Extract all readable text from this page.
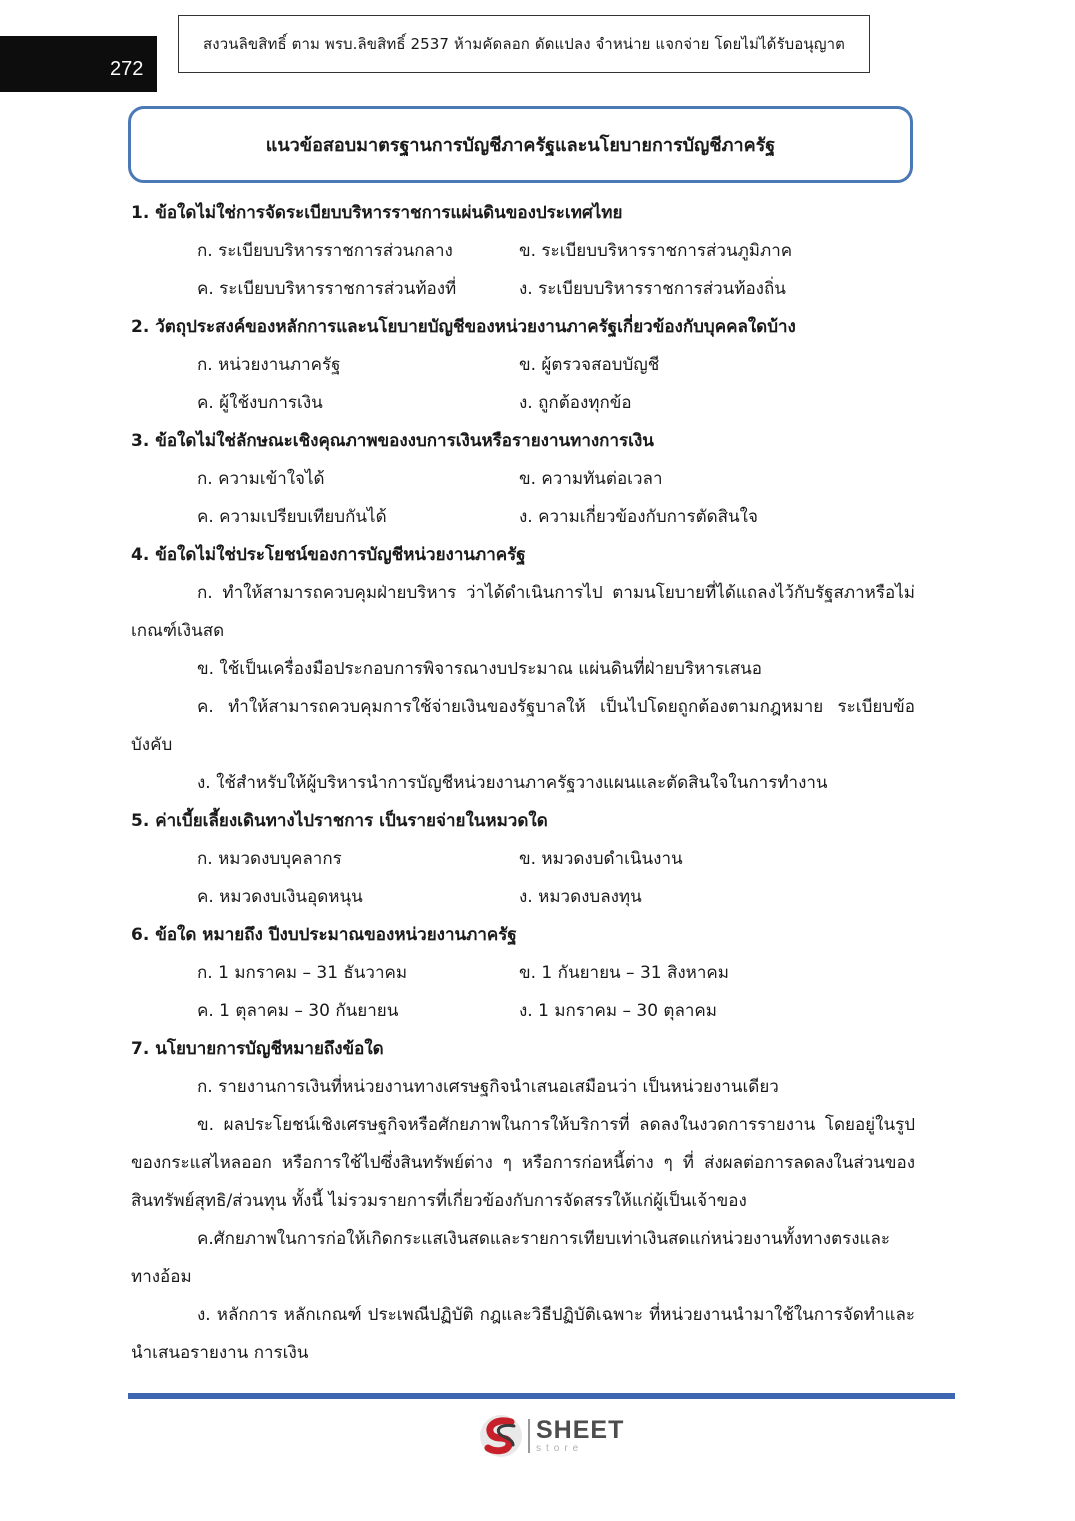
272
สงวนลิขสิทธิ์ ตาม พรบ.ลิขสิทธิ์ 2537 ห้ามคัดลอก ดัดแปลง จำหน่าย แจกจ่าย โดยไม่ได้รับอนุญาต
แนวข้อสอบมาตรฐานการบัญชีภาครัฐและนโยบายการบัญชีภาครัฐ
1. ข้อใดไม่ใช่การจัดระเบียบบริหารราชการแผ่นดินของประเทศไทย
ก. ระเบียบบริหารราชการส่วนกลาง	ข. ระเบียบบริหารราชการส่วนภูมิภาค
ค. ระเบียบบริหารราชการส่วนท้องที่	ง. ระเบียบบริหารราชการส่วนท้องถิ่น
2. วัตถุประสงค์ของหลักการและนโยบายบัญชีของหน่วยงานภาครัฐเกี่ยวข้องกับบุคคลใดบ้าง
ก. หน่วยงานภาครัฐ	ข. ผู้ตรวจสอบบัญชี
ค. ผู้ใช้งบการเงิน	ง. ถูกต้องทุกข้อ
3. ข้อใดไม่ใช่ลักษณะเชิงคุณภาพของงบการเงินหรือรายงานทางการเงิน
ก. ความเข้าใจได้	ข. ความทันต่อเวลา
ค. ความเปรียบเทียบกันได้	ง. ความเกี่ยวข้องกับการตัดสินใจ
4. ข้อใดไม่ใช่ประโยชน์ของการบัญชีหน่วยงานภาครัฐ
ก. ทำให้สามารถควบคุมฝ่ายบริหาร ว่าได้ดำเนินการไป ตามนโยบายที่ได้แถลงไว้กับรัฐสภาหรือไม่ เกณฑ์เงินสด
ข. ใช้เป็นเครื่องมือประกอบการพิจารณางบประมาณ แผ่นดินที่ฝ่ายบริหารเสนอ
ค. ทำให้สามารถควบคุมการใช้จ่ายเงินของรัฐบาลให้ เป็นไปโดยถูกต้องตามกฎหมาย ระเบียบข้อบังคับ
ง. ใช้สำหรับให้ผู้บริหารนำการบัญชีหน่วยงานภาครัฐวางแผนและตัดสินใจในการทำงาน
5. ค่าเบี้ยเลี้ยงเดินทางไปราชการ เป็นรายจ่ายในหมวดใด
ก. หมวดงบบุคลากร	ข. หมวดงบดำเนินงาน
ค. หมวดงบเงินอุดหนุน	ง. หมวดงบลงทุน
6. ข้อใด หมายถึง ปีงบประมาณของหน่วยงานภาครัฐ
ก. 1 มกราคม – 31 ธันวาคม	ข. 1 กันยายน – 31 สิงหาคม
ค. 1 ตุลาคม – 30 กันยายน	ง. 1 มกราคม – 30 ตุลาคม
7. นโยบายการบัญชีหมายถึงข้อใด
ก. รายงานการเงินที่หน่วยงานทางเศรษฐกิจนำเสนอเสมือนว่า เป็นหน่วยงานเดียว
ข. ผลประโยชน์เชิงเศรษฐกิจหรือศักยภาพในการให้บริการที่ ลดลงในงวดการรายงาน โดยอยู่ในรูปของกระแสไหลออก หรือการใช้ไปซึ่งสินทรัพย์ต่าง ๆ หรือการก่อหนี้ต่าง ๆ ที่ ส่งผลต่อการลดลงในส่วนของสินทรัพย์สุทธิ/ส่วนทุน ทั้งนี้ ไม่รวมรายการที่เกี่ยวข้องกับการจัดสรรให้แก่ผู้เป็นเจ้าของ
ค.ศักยภาพในการก่อให้เกิดกระแสเงินสดและรายการเทียบเท่าเงินสดแก่หน่วยงานทั้งทางตรงและทางอ้อม
ง. หลักการ หลักเกณฑ์ ประเพณีปฏิบัติ กฎและวิธีปฏิบัติเฉพาะ ที่หน่วยงานนำมาใช้ในการจัดทำและนำเสนอรายงาน การเงิน
SHEET
store
